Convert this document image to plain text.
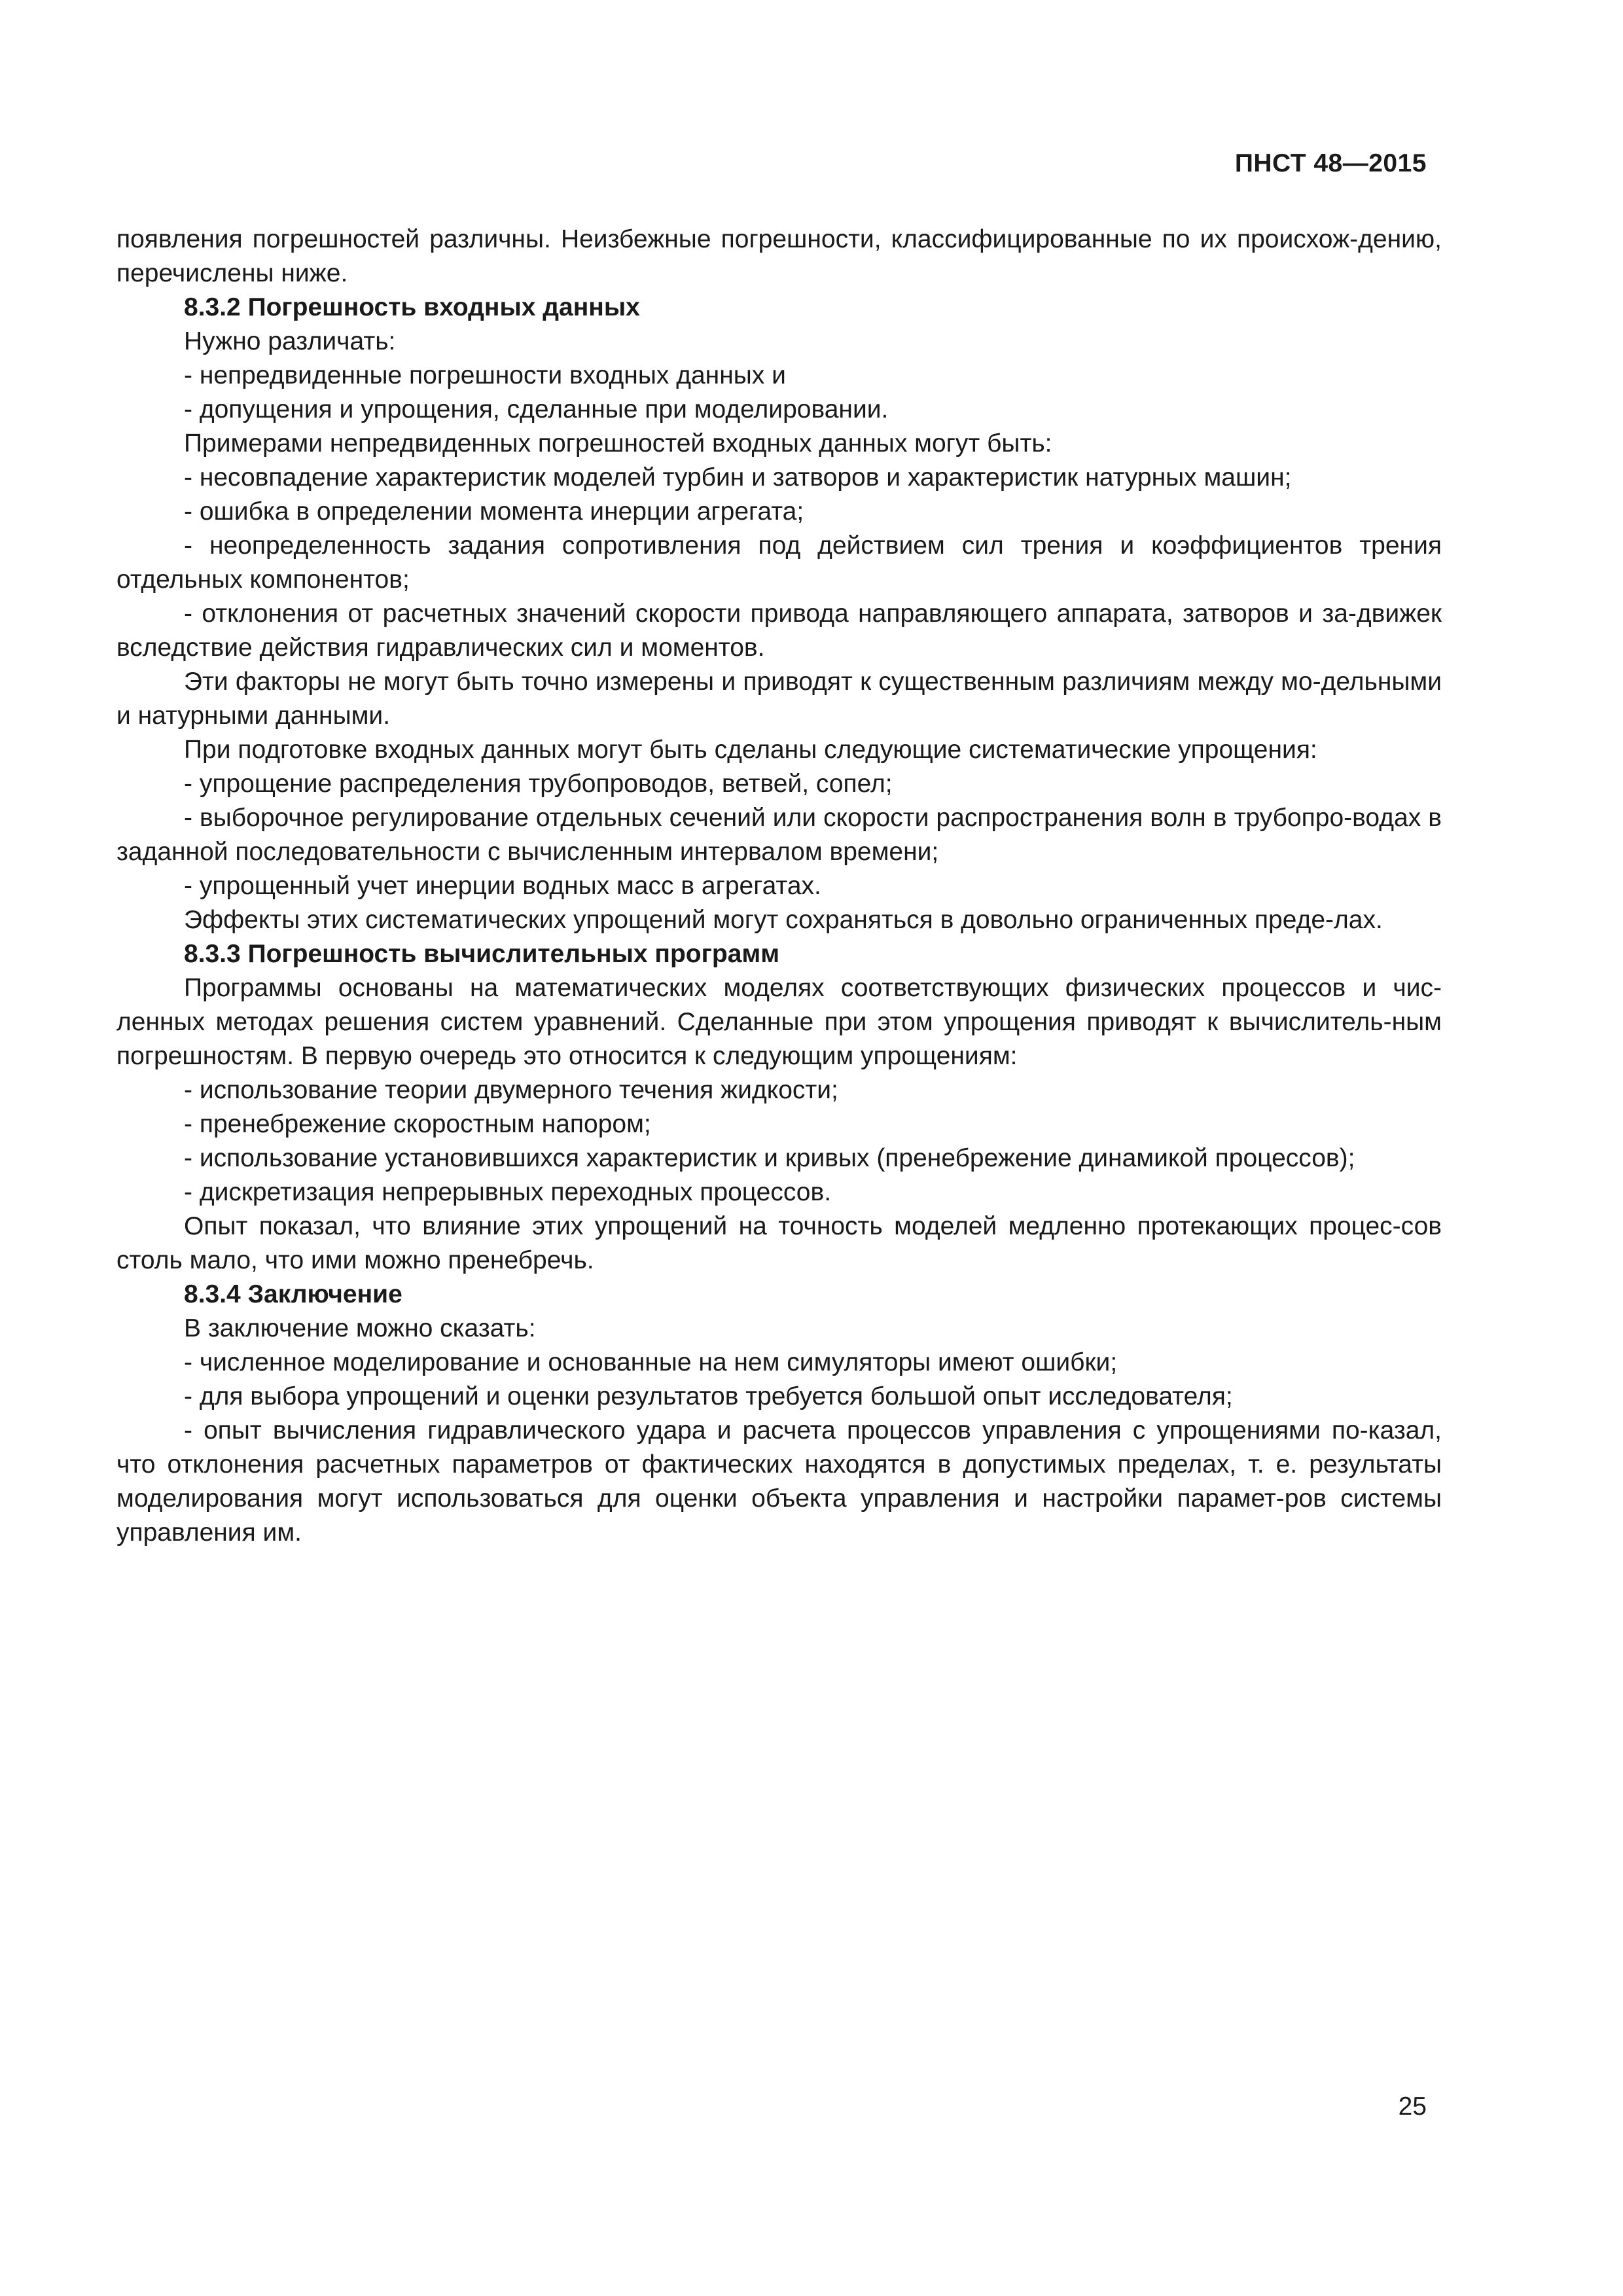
ПНСТ 48—2015

появления погрешностей различны. Неизбежные погрешности, классифицированные по их происхож-дению, перечислены ниже.

8.3.2 Погрешность входных данных

Нужно различать:

- непредвиденные погрешности входных данных и

- допущения и упрощения, сделанные при моделировании.

Примерами непредвиденных погрешностей входных данных могут быть:

- несовпадение характеристик моделей турбин и затворов и характеристик натурных машин;

- ошибка в определении момента инерции агрегата;

- неопределенность задания сопротивления под действием сил трения и коэффициентов трения отдельных компонентов;

- отклонения от расчетных значений скорости привода направляющего аппарата, затворов и за-движек вследствие действия гидравлических сил и моментов.

Эти факторы не могут быть точно измерены и приводят к существенным различиям между мо-дельными и натурными данными.

При подготовке входных данных могут быть сделаны следующие систематические упрощения:

- упрощение распределения трубопроводов, ветвей, сопел;

- выборочное регулирование отдельных сечений или скорости распространения волн в трубопро-водах в заданной последовательности с вычисленным интервалом времени;

- упрощенный учет инерции водных масс в агрегатах.

Эффекты этих систематических упрощений могут сохраняться в довольно ограниченных преде-лах.

8.3.3 Погрешность вычислительных программ

Программы основаны на математических моделях соответствующих физических процессов и чис-ленных методах решения систем уравнений. Сделанные при этом упрощения приводят к вычислитель-ным погрешностям. В первую очередь это относится к следующим упрощениям:

- использование теории двумерного течения жидкости;

- пренебрежение скоростным напором;

- использование установившихся характеристик и кривых (пренебрежение динамикой процессов);

- дискретизация непрерывных переходных процессов.

Опыт показал, что влияние этих упрощений на точность моделей медленно протекающих процес-сов столь мало, что ими можно пренебречь.

8.3.4 Заключение

В заключение можно сказать:

- численное моделирование и основанные на нем симуляторы имеют ошибки;

- для выбора упрощений и оценки результатов требуется большой опыт исследователя;

- опыт вычисления гидравлического удара и расчета процессов управления с упрощениями по-казал, что отклонения расчетных параметров от фактических находятся в допустимых пределах, т. е. результаты моделирования могут использоваться для оценки объекта управления и настройки парамет-ров системы управления им.

25
